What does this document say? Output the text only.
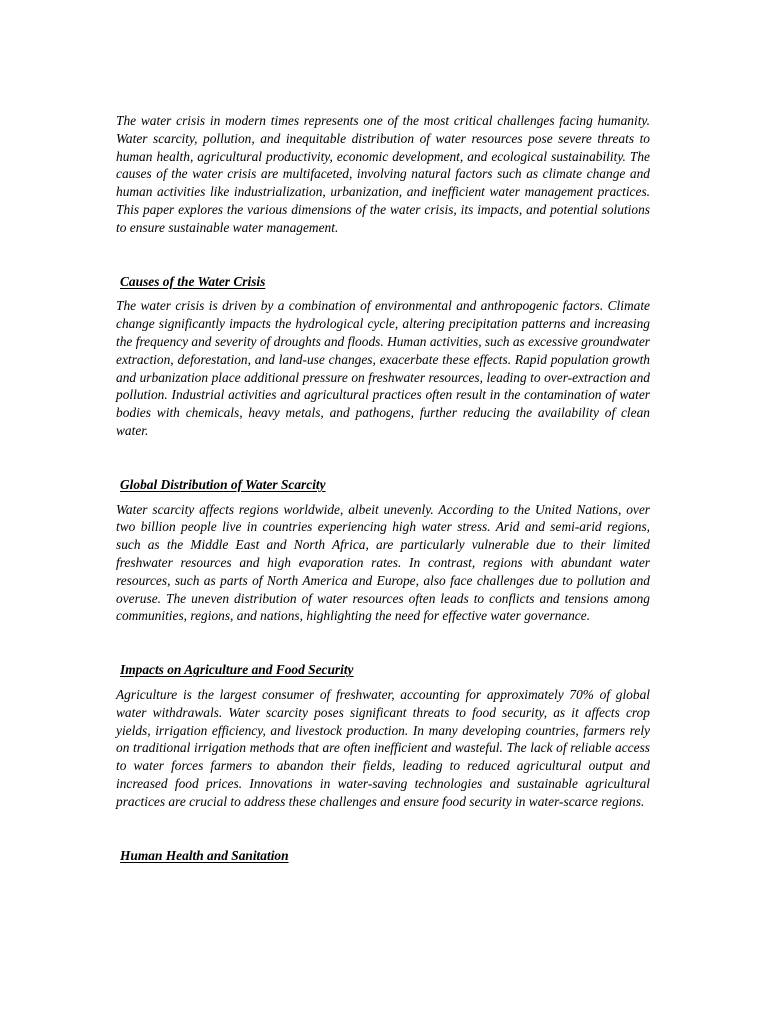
The water crisis in modern times represents one of the most critical challenges facing humanity. Water scarcity, pollution, and inequitable distribution of water resources pose severe threats to human health, agricultural productivity, economic development, and ecological sustainability. The causes of the water crisis are multifaceted, involving natural factors such as climate change and human activities like industrialization, urbanization, and inefficient water management practices. This paper explores the various dimensions of the water crisis, its impacts, and potential solutions to ensure sustainable water management.

Causes of the Water Crisis

The water crisis is driven by a combination of environmental and anthropogenic factors. Climate change significantly impacts the hydrological cycle, altering precipitation patterns and increasing the frequency and severity of droughts and floods. Human activities, such as excessive groundwater extraction, deforestation, and land-use changes, exacerbate these effects. Rapid population growth and urbanization place additional pressure on freshwater resources, leading to over-extraction and pollution. Industrial activities and agricultural practices often result in the contamination of water bodies with chemicals, heavy metals, and pathogens, further reducing the availability of clean water.

Global Distribution of Water Scarcity

Water scarcity affects regions worldwide, albeit unevenly. According to the United Nations, over two billion people live in countries experiencing high water stress. Arid and semi-arid regions, such as the Middle East and North Africa, are particularly vulnerable due to their limited freshwater resources and high evaporation rates. In contrast, regions with abundant water resources, such as parts of North America and Europe, also face challenges due to pollution and overuse. The uneven distribution of water resources often leads to conflicts and tensions among communities, regions, and nations, highlighting the need for effective water governance.

Impacts on Agriculture and Food Security

Agriculture is the largest consumer of freshwater, accounting for approximately 70% of global water withdrawals. Water scarcity poses significant threats to food security, as it affects crop yields, irrigation efficiency, and livestock production. In many developing countries, farmers rely on traditional irrigation methods that are often inefficient and wasteful. The lack of reliable access to water forces farmers to abandon their fields, leading to reduced agricultural output and increased food prices. Innovations in water-saving technologies and sustainable agricultural practices are crucial to address these challenges and ensure food security in water-scarce regions.

Human Health and Sanitation
